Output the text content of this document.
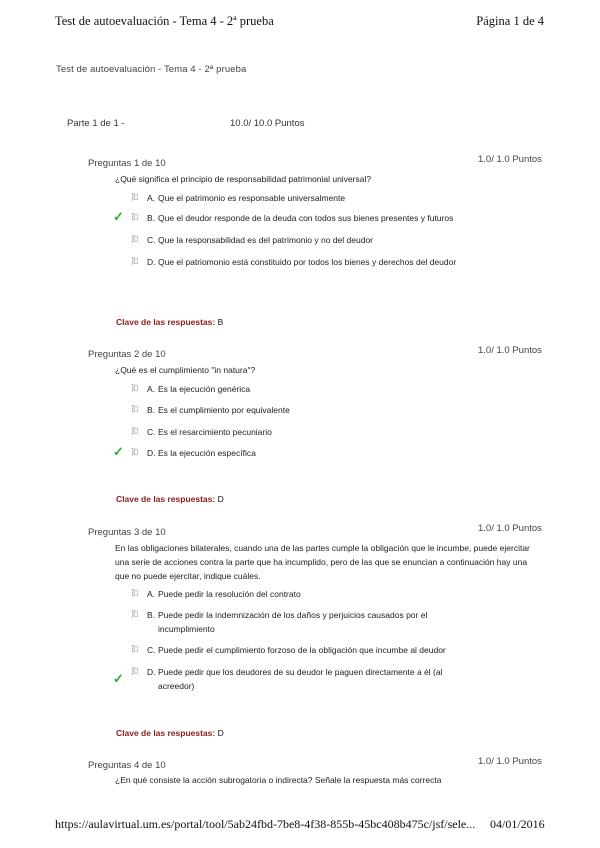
Test de autoevaluación - Tema 4 - 2ª prueba	Página 1 de 4
Test de autoevaluación - Tema 4 - 2ª prueba
Parte 1 de 1 -	10.0/ 10.0 Puntos
Preguntas 1 de 10	1.0/ 1.0 Puntos
¿Qué significa el principio de responsabilidad patrimonial universal?
ĵ▯	A. Que el patrimonio es responsable universalmente
✓ ĵ▯	B. Que el deudor responde de la deuda con todos sus bienes presentes y futuros
ĵ▯	C. Que la responsabilidad es del patrimonio y no del deudor
ĵ▯	D. Que el patriomonio está constituido por todos los bienes y derechos del deudor
Clave de las respuestas: B
Preguntas 2 de 10	1.0/ 1.0 Puntos
¿Qué es el cumplimiento "in natura"?
ĵ▯	A. Es la ejecución genérica
ĵ▯	B. Es el cumplimiento por equivalente
ĵ▯	C. Es el resarcimiento pecuniario
✓ ĵ▯	D. Es la ejecución específica
Clave de las respuestas: D
Preguntas 3 de 10	1.0/ 1.0 Puntos
En las obligaciones bilaterales, cuando una de las partes cumple la obligación que le incumbe, puede ejercitar una serie de acciones contra la parte que ha incumplido, pero de las que se enuncian a continuación hay una que no puede ejercitar, indique cuáles.
ĵ▯	A. Puede pedir la resolución del contrato
ĵ▯	B. Puede pedir la indemnización de los daños y perjuicios causados por el incumplimiento
ĵ▯	C. Puede pedir el cumplimiento forzoso de la obligación que incumbe al deudor
✓
ĵ▯	D. Puede pedir que los deudores de su deudor le paguen directamente a él (al acreedor)
Clave de las respuestas: D
Preguntas 4 de 10	1.0/ 1.0 Puntos
¿En qué consiste la acción subrogatoria o indirecta? Señale la respuesta más correcta
https://aulavirtual.um.es/portal/tool/5ab24fbd-7be8-4f38-855b-45bc408b475c/jsf/sele... 04/01/2016
